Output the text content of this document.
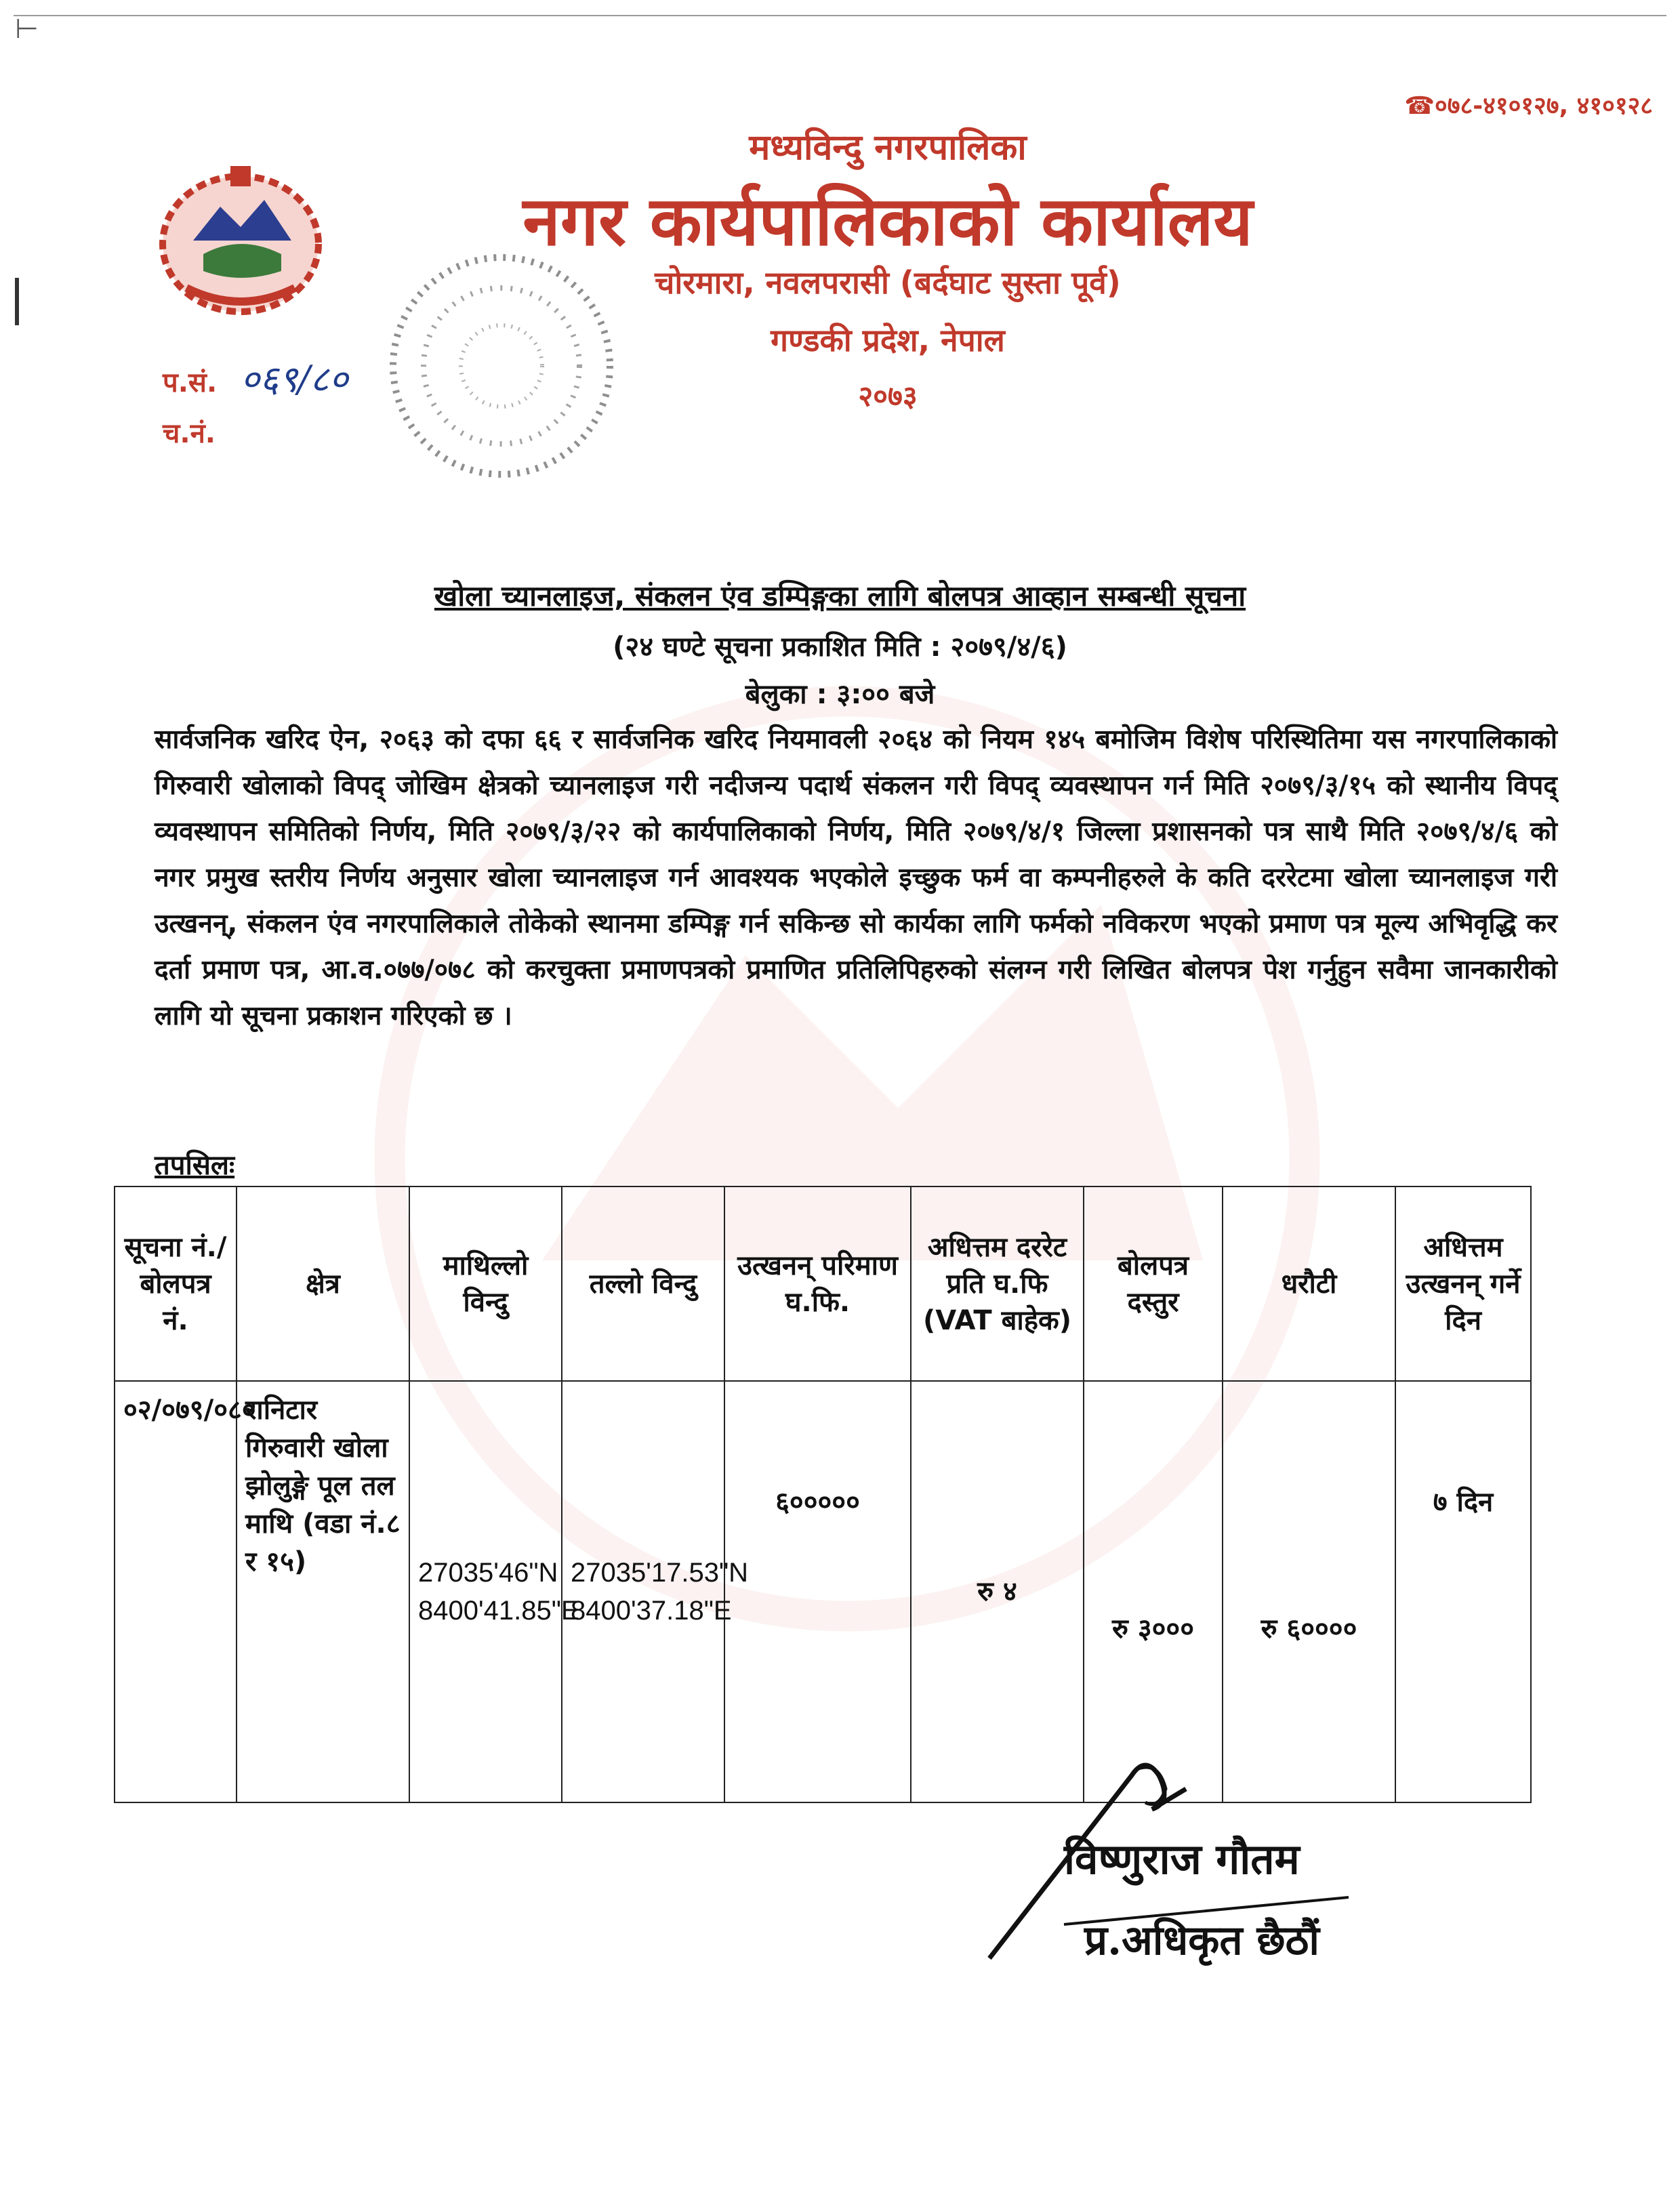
⊢
☎०७८-४१०१२७, ४१०१२८
मध्यविन्दु नगरपालिका
नगर कार्यपालिकाको कार्यालय
चोरमारा, नवलपरासी (बर्दघाट सुस्ता पूर्व)
गण्डकी प्रदेश, नेपाल
२०७३
प.सं. ०६९/८०
च.नं.
खोला च्यानलाइज, संकलन एंव डम्पिङ्गका लागि बोलपत्र आव्हान सम्बन्धी सूचना
(२४ घण्टे सूचना प्रकाशित मिति : २०७९/४/६)
बेलुका : ३:०० बजे
सार्वजनिक खरिद ऐन, २०६३ को दफा ६६ र सार्वजनिक खरिद नियमावली २०६४ को नियम १४५ बमोजिम विशेष परिस्थितिमा यस नगरपालिकाको गिरुवारी खोलाको विपद् जोखिम क्षेत्रको च्यानलाइज गरी नदीजन्य पदार्थ संकलन गरी विपद् व्यवस्थापन गर्न मिति २०७९/३/१५ को स्थानीय विपद् व्यवस्थापन समितिको निर्णय, मिति २०७९/३/२२ को कार्यपालिकाको निर्णय, मिति २०७९/४/१ जिल्ला प्रशासनको पत्र साथै मिति २०७९/४/६ को नगर प्रमुख स्तरीय निर्णय अनुसार खोला च्यानलाइज गर्न आवश्यक भएकोले इच्छुक फर्म वा कम्पनीहरुले के कति दररेटमा खोला च्यानलाइज गरी उत्खनन्, संकलन एंव नगरपालिकाले तोकेको स्थानमा डम्पिङ्ग गर्न सकिन्छ सो कार्यका लागि फर्मको नविकरण भएको प्रमाण पत्र मूल्य अभिवृद्धि कर दर्ता प्रमाण पत्र, आ.व.०७७/०७८ को करचुक्ता प्रमाणपत्रको प्रमाणित प्रतिलिपिहरुको संलग्न गरी लिखित बोलपत्र पेश गर्नुहुन सवैमा जानकारीको लागि यो सूचना प्रकाशन गरिएको छ ।
तपसिलः
सूचना नं./ बोलपत्र नं.	क्षेत्र	माथिल्लो विन्दु	तल्लो विन्दु	उत्खनन् परिमाण घ.फि.	अधित्तम दररेट प्रति घ.फि (VAT बाहेक)	बोलपत्र दस्तुर	धरौटी	अधित्तम उत्खनन् गर्ने दिन
०२/०७९/०८०	रानिटार गिरुवारी खोला झोलुङ्गे पूल तल माथि (वडा नं.८ र १५)	27035'46"N 8400'41.85"E	27035'17.53"N 8400'37.18"E	६०००००	रु ४	रु ३०००	रु ६००००	७ दिन
विष्णुराज गौतम
प्र.अधिकृत छैठौं
